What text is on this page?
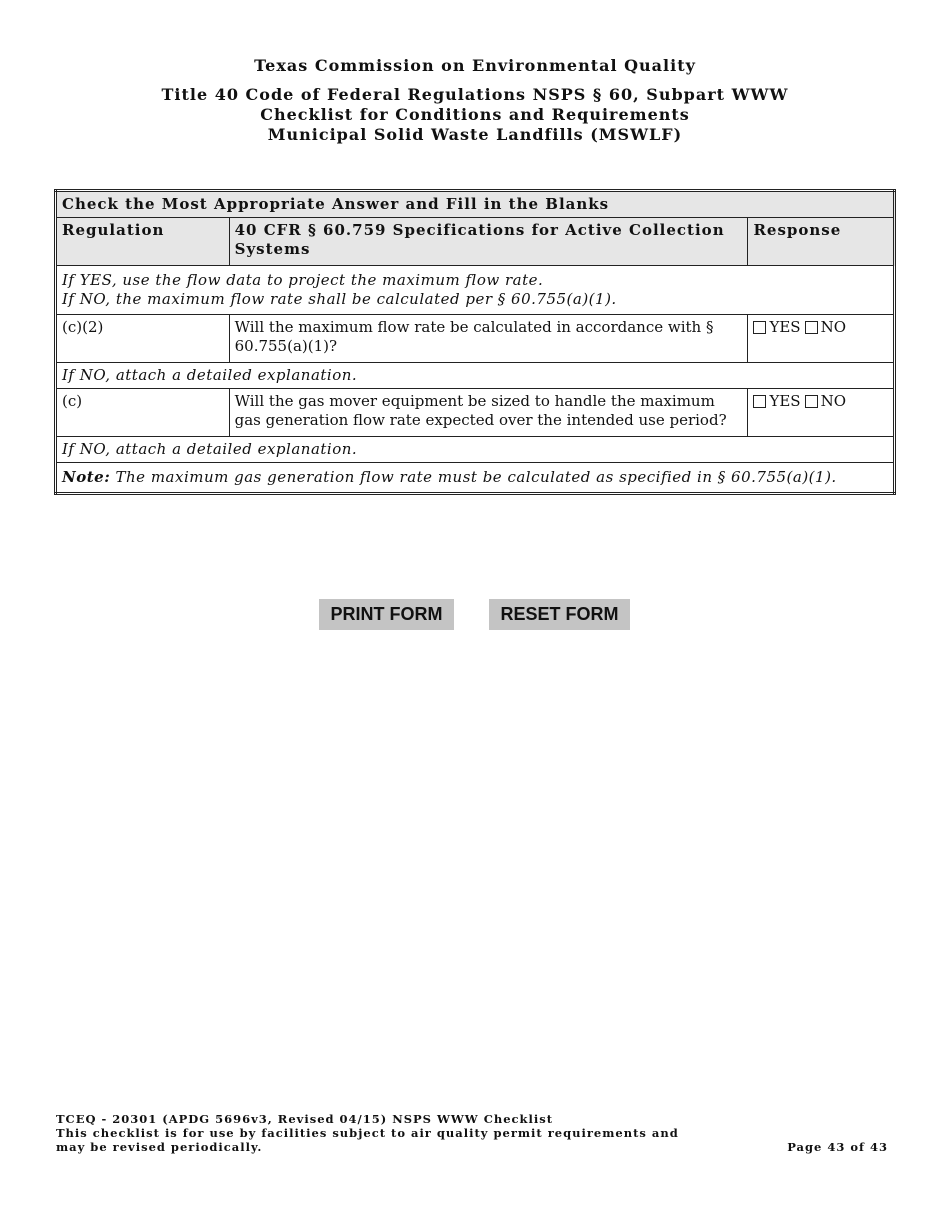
Texas Commission on Environmental Quality
Title 40 Code of Federal Regulations NSPS § 60, Subpart WWW
Checklist for Conditions and Requirements
Municipal Solid Waste Landfills (MSWLF)
Check the Most Appropriate Answer and Fill in the Blanks		
Regulation	40 CFR § 60.759 Specifications for Active Collection Systems	Response

If YES, use the flow data to project the maximum flow rate.
If NO, the maximum flow rate shall be calculated per § 60.755(a)(1).		

(c)(2)	Will the maximum flow rate be calculated in accordance with § 60.755(a)(1)?	YES NO
If NO, attach a detailed explanation.		
(c)	Will the gas mover equipment be sized to handle the maximum gas generation flow rate expected over the intended use period?	YES NO
If NO, attach a detailed explanation.		
Note: The maximum gas generation flow rate must be calculated as specified in § 60.755(a)(1).		
PRINT FORM	RESET FORM
TCEQ - 20301 (APDG 5696v3, Revised 04/15) NSPS WWW Checklist
This checklist is for use by facilities subject to air quality permit requirements and
may be revised periodically.	Page 43 of 43
